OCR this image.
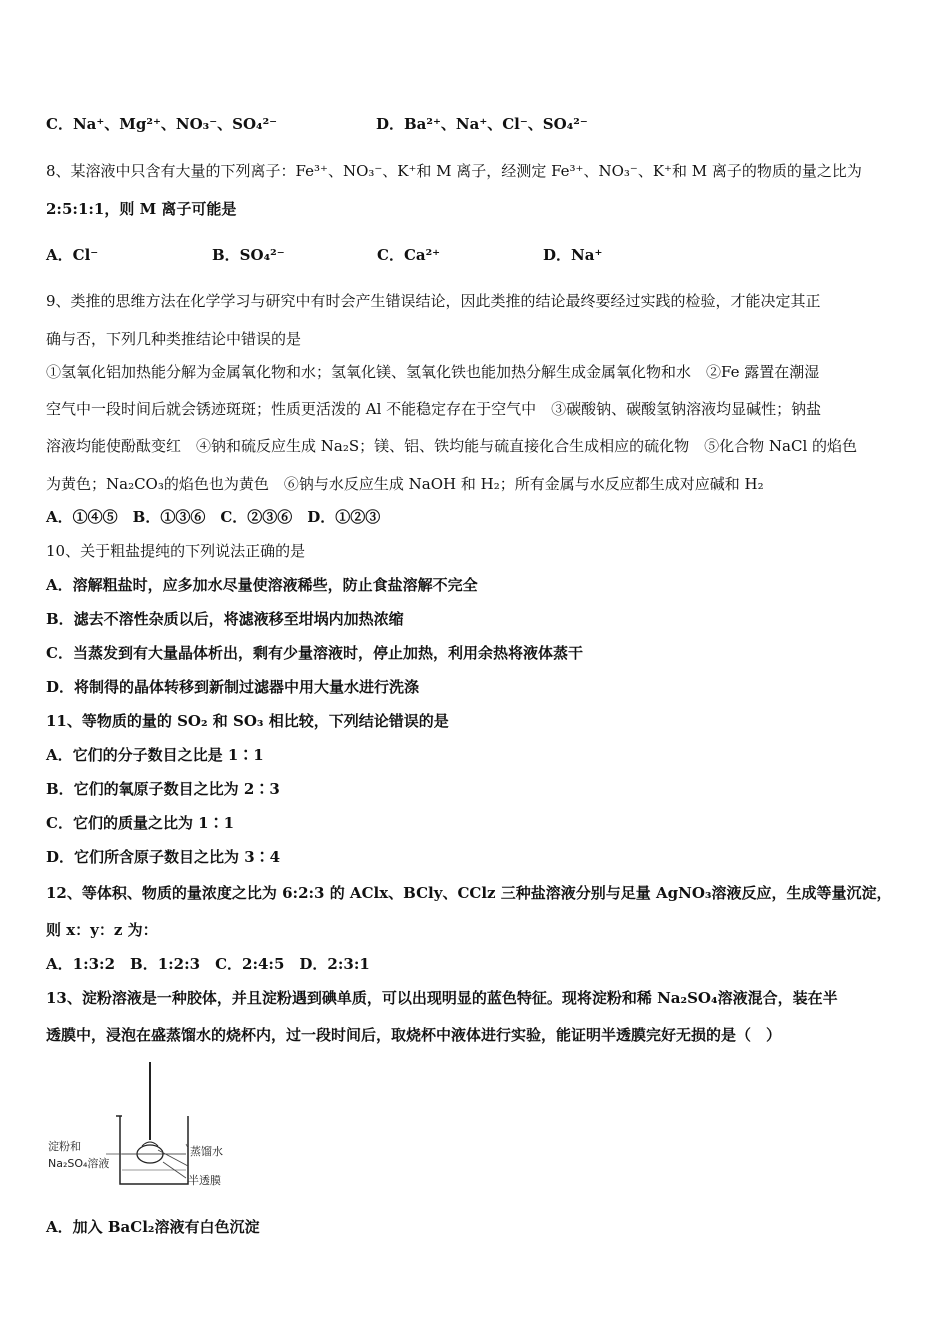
C．Na⁺、Mg²⁺、NO₃⁻、SO₄²⁻	D．Ba²⁺、Na⁺、Cl⁻、SO₄²⁻
8、某溶液中只含有大量的下列离子：Fe³⁺、NO₃⁻、K⁺和 M 离子，经测定 Fe³⁺、NO₃⁻、K⁺和 M 离子的物质的量之比为
2:5:1:1，则 M 离子可能是
A．Cl⁻	B．SO₄²⁻	C．Ca²⁺	D．Na⁺
9、类推的思维方法在化学学习与研究中有时会产生错误结论，因此类推的结论最终要经过实践的检验，才能决定其正
确与否，下列几种类推结论中错误的是
①氢氧化铝加热能分解为金属氧化物和水；氢氧化镁、氢氧化铁也能加热分解生成金属氧化物和水　②Fe 露置在潮湿
空气中一段时间后就会锈迹斑斑；性质更活泼的 Al 不能稳定存在于空气中　③碳酸钠、碳酸氢钠溶液均显碱性；钠盐
溶液均能使酚酞变红　④钠和硫反应生成 Na₂S；镁、铝、铁均能与硫直接化合生成相应的硫化物　⑤化合物 NaCl 的焰色
为黄色；Na₂CO₃的焰色也为黄色　⑥钠与水反应生成 NaOH 和 H₂；所有金属与水反应都生成对应碱和 H₂
A．①④⑤　B．①③⑥　C．②③⑥　D．①②③
10、关于粗盐提纯的下列说法正确的是
A．溶解粗盐时，应多加水尽量使溶液稀些，防止食盐溶解不完全
B．滤去不溶性杂质以后，将滤液移至坩埚内加热浓缩
C．当蒸发到有大量晶体析出，剩有少量溶液时，停止加热，利用余热将液体蒸干
D．将制得的晶体转移到新制过滤器中用大量水进行洗涤
11、等物质的量的 SO₂ 和 SO₃ 相比较，下列结论错误的是
A．它们的分子数目之比是 1∶1
B．它们的氧原子数目之比为 2∶3
C．它们的质量之比为 1∶1
D．它们所含原子数目之比为 3∶4
12、等体积、物质的量浓度之比为 6:2:3 的 AClx、BCly、CClz 三种盐溶液分别与足量 AgNO₃溶液反应，生成等量沉淀，
则 x：y：z 为：
A．1:3:2　B．1:2:3　C．2:4:5　D．2:3:1
13、淀粉溶液是一种胶体，并且淀粉遇到碘单质，可以出现明显的蓝色特征。现将淀粉和稀 Na₂SO₄溶液混合，装在半
透膜中，浸泡在盛蒸馏水的烧杯内，过一段时间后，取烧杯中液体进行实验，能证明半透膜完好无损的是（　）
淀粉和
Na₂SO₄溶液
蒸馏水
半透膜
A．加入 BaCl₂溶液有白色沉淀
